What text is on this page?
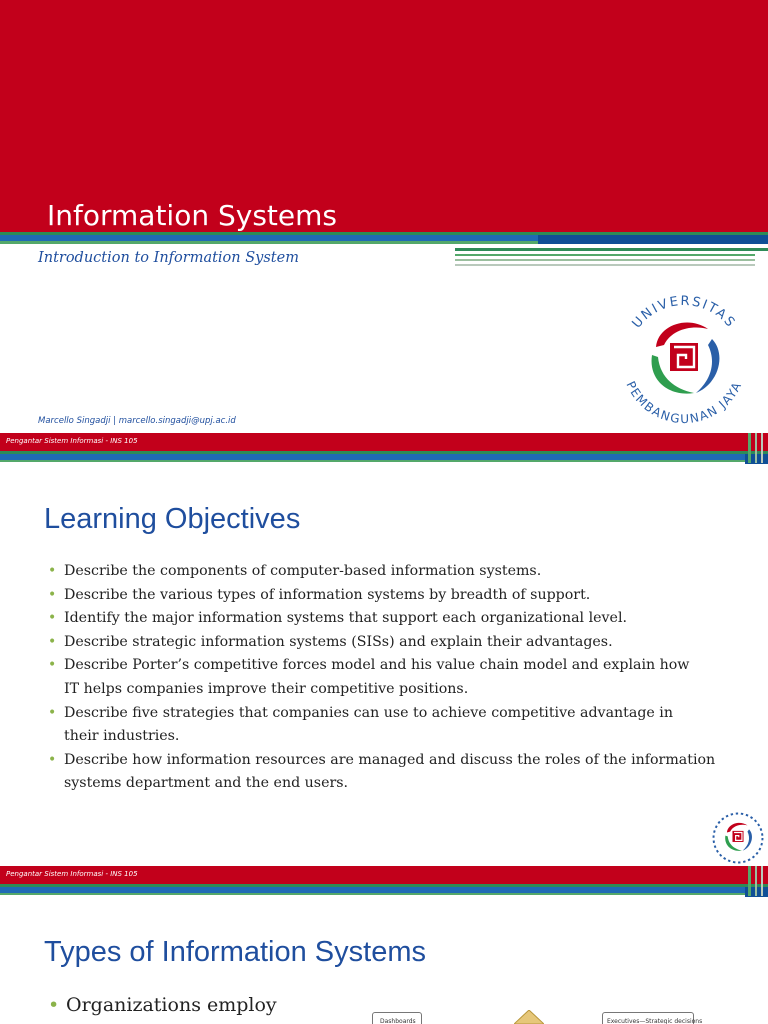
Information Systems
Introduction to Information System
Marcello Singadji | marcello.singadji@upj.ac.id
UNIVERSITAS
PEMBANGUNAN JAYA
Pengantar Sistem Informasi - INS 105
Learning Objectives
• Describe the components of computer-based information systems.
• Describe the various types of information systems by breadth of support.
• Identify the major information systems that support each organizational level.
• Describe strategic information systems (SISs) and explain their advantages.
• Describe Porter’s competitive forces model and his value chain model and explain how IT helps companies improve their competitive positions.
• Describe five strategies that companies can use to achieve competitive advantage in their industries.
• Describe how information resources are managed and discuss the roles of the information systems department and the end users.
Pengantar Sistem Informasi - INS 105
Types of Information Systems
• Organizations employ
Dashboards	Executives—Strategic decisions
